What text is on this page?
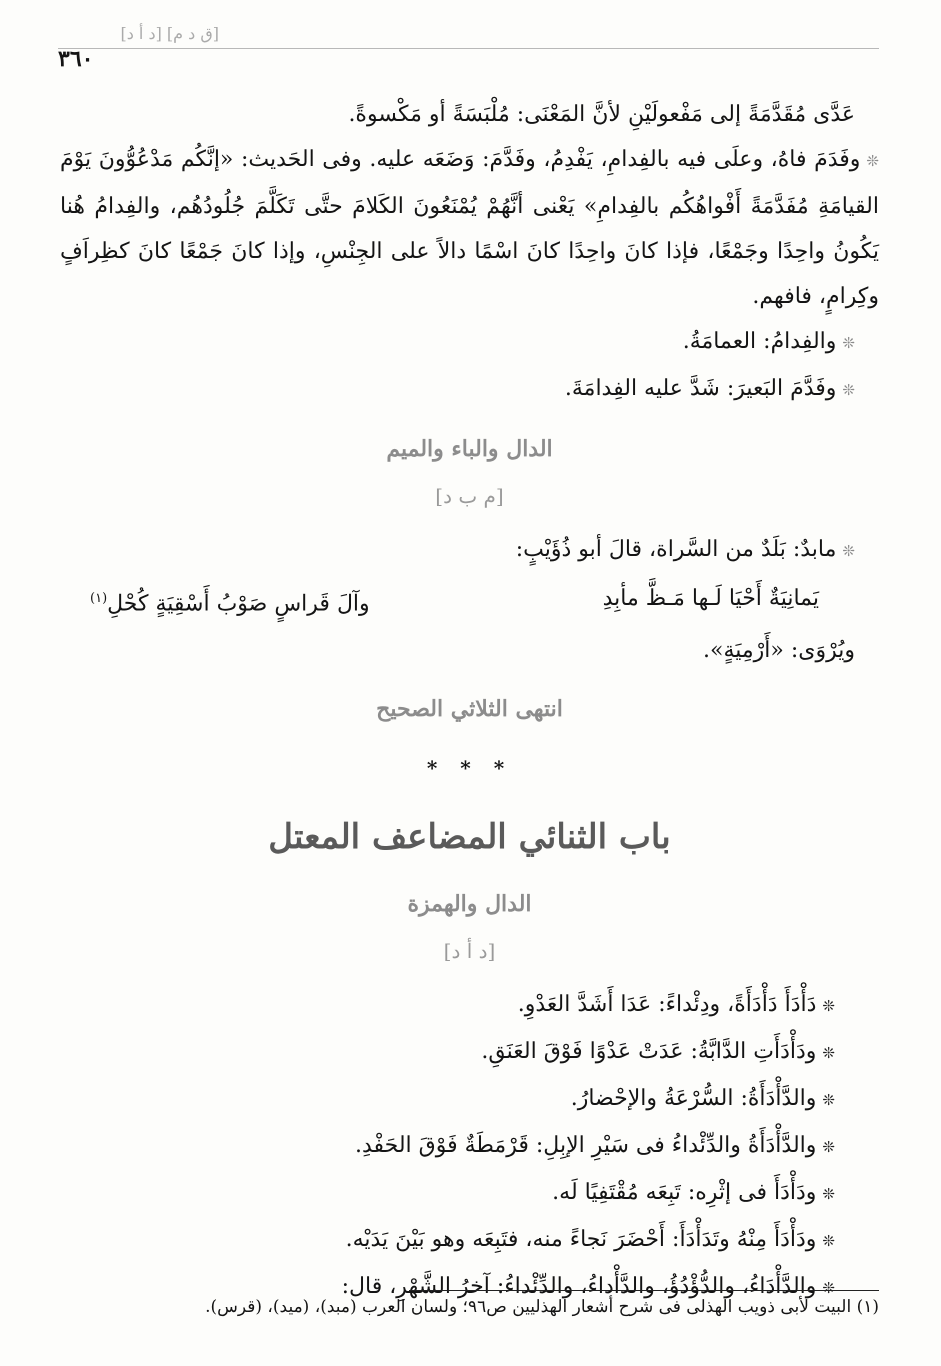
[ق د م] [د أ د]
٣٦٠

عَدَّى مُقَدَّمَةً إلى مَفْعولَيْنِ لأنَّ المَعْنَى: مُلْبَسَةً أو مَكْسوةً.

❊وفَدَمَ فاهُ، وعلَى فيه بالفِدامِ، يَفْدِمُ، وفَدَّمَ: وَضَعَه عليه. وفى الحَديث: «إنَّكُم مَدْعُوُّونَ يَوْمَ القيامَةِ مُفَدَّمَةً أَفْواهُكُم بالفِدامِ» يَعْنى أنَّهُمْ يُمْنَعُونَ الكَلامَ حتَّى تَكَلَّمَ جُلُودُهُم، والفِدامُ هُنا يَكُونُ واحِدًا وجَمْعًا، فإذا كانَ واحِدًا كانَ اسْمًا دالاً على الجِنْسِ، وإذا كانَ جَمْعًا كانَ كظِراَفٍ وكِرامٍ، فافهم.

❊والفِدامُ: العمامَةُ.

❊وفَدَّمَ البَعيرَ: شَدَّ عليه الفِدامَةَ.

الدال والباء والميم

[م ب د]

❊مابدٌ: بَلَدٌ من السَّراة، قالَ أبو ذُؤَيْبٍ:

يَمانِيَةٌ أَحْيَا لَـها مَـظَّ مأبِدِ
وآلَ قَراسٍ صَوْبُ أَسْقِيَةٍ كُحْلِ$^{(١)}$

ويُرْوَى: «أَرْمِيَةٍ».

انتهى الثلاثي الصحيح

* * *

باب الثنائي المضاعف المعتل

الدال والهمزة

[د أ د]

❊دَأْدَأَ دَأْدَأَةً، ودِئْداءً: عَدَا أَشَدَّ العَدْوِ.

❊ودَأْدَأَتِ الدَّابَّةُ: عَدَتْ عَدْوًا فَوْقَ العَنَقِ.

❊والدَّأْدَأَةُ: السُّرْعَةُ والإحْضارُ.

❊والدَّأْدَأَةُ والدِّئْداءُ فى سَيْرِ الإبِلِ: قَرْمَطَةٌ فَوْقَ الحَفْدِ.

❊ودَأْدَأَ فى إثْرِه: تَبِعَه مُقْتَفِيًا لَه.

❊ودَأْدَأَ مِنْهُ وتَدَأْدَأَ: أَحْضَرَ نَجاءً منه، فتَبِعَه وهو بَيْنَ يَدَيْه.

❊والدَّأْدَاءُ، والدُّؤْدُؤُ، والدَّأْداءُ، والدِّئْداءُ: آخرُ الشَّهْرِ، قال:

(١) البيت لأبى ذويب الهذلى فى شرح أشعار الهذليين ص٩٦؛ ولسان العرب (مبد)، (ميد)، (قرس).
